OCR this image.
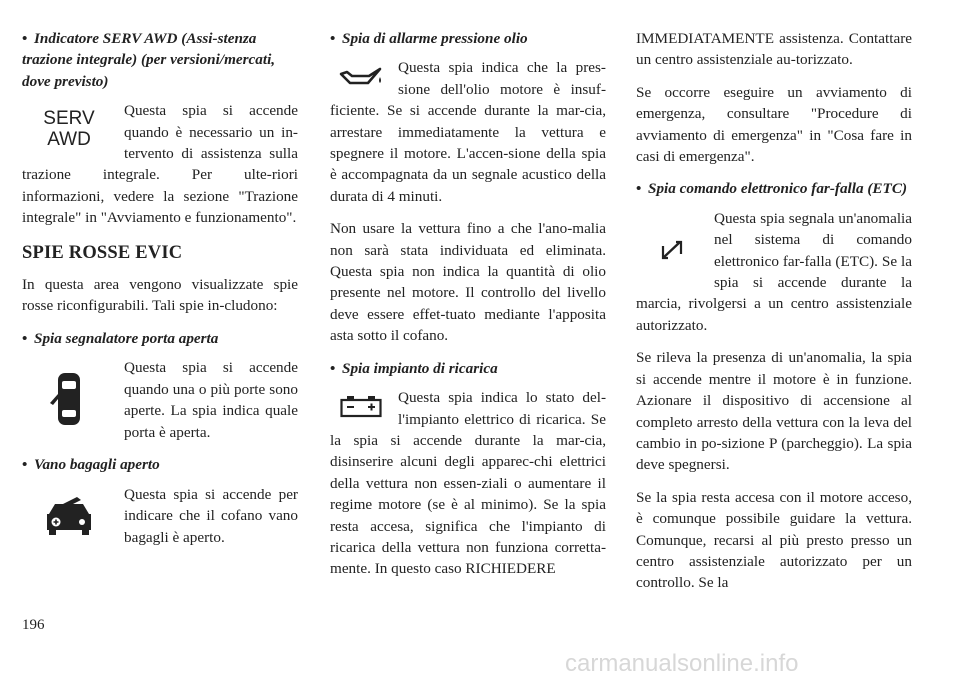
• Indicatore SERV AWD (Assi-stenza trazione integrale) (per versioni/mercati, dove previsto)

SERV
AWD
Questa spia si accende quando è necessario un in-tervento di assistenza sulla trazione integrale. Per ulte-riori informazioni, vedere la sezione "Trazione integrale" in "Avviamento e funzionamento".

SPIE ROSSE EVIC

In questa area vengono visualizzate spie rosse riconfigurabili. Tali spie in-cludono:

• Spia segnalatore porta aperta

Questa spia si accende quando una o più porte sono aperte. La spia indica quale porta è aperta.

• Vano bagagli aperto

Questa spia si accende per indicare che il cofano vano bagagli è aperto.

• Spia di allarme pressione olio

Questa spia indica che la pres-sione dell'olio motore è insuf-ficiente. Se si accende durante la mar-cia, arrestare immediatamente la vettura e spegnere il motore. L'accen-sione della spia è accompagnata da un segnale acustico della durata di 4 minuti.

Non usare la vettura fino a che l'ano-malia non sarà stata individuata ed eliminata. Questa spia non indica la quantità di olio presente nel motore. Il controllo del livello deve essere effet-tuato mediante l'apposita asta sotto il cofano.

• Spia impianto di ricarica

Questa spia indica lo stato del-l'impianto elettrico di ricarica. Se la spia si accende durante la mar-cia, disinserire alcuni degli apparec-chi elettrici della vettura non essen-ziali o aumentare il regime motore (se è al minimo). Se la spia resta accesa, significa che l'impianto di ricarica della vettura non funziona corretta-mente. In questo caso RICHIEDERE

IMMEDIATAMENTE assistenza. Contattare un centro assistenziale au-torizzato.

Se occorre eseguire un avviamento di emergenza, consultare "Procedure di avviamento di emergenza" in "Cosa fare in casi di emergenza".

• Spia comando elettronico far-falla (ETC)

Questa spia segnala un'anomalia nel sistema di comando elettronico far-falla (ETC). Se la spia si accende durante la marcia, rivolgersi a un centro assistenziale autorizzato.

Se rileva la presenza di un'anomalia, la spia si accende mentre il motore è in funzione. Azionare il dispositivo di accensione al completo arresto della vettura con la leva del cambio in po-sizione P (parcheggio). La spia deve spegnersi.

Se la spia resta accesa con il motore acceso, è comunque possibile guidare la vettura. Comunque, recarsi al più presto presso un centro assistenziale autorizzato per un controllo. Se la

196
carmanualsonline.info
